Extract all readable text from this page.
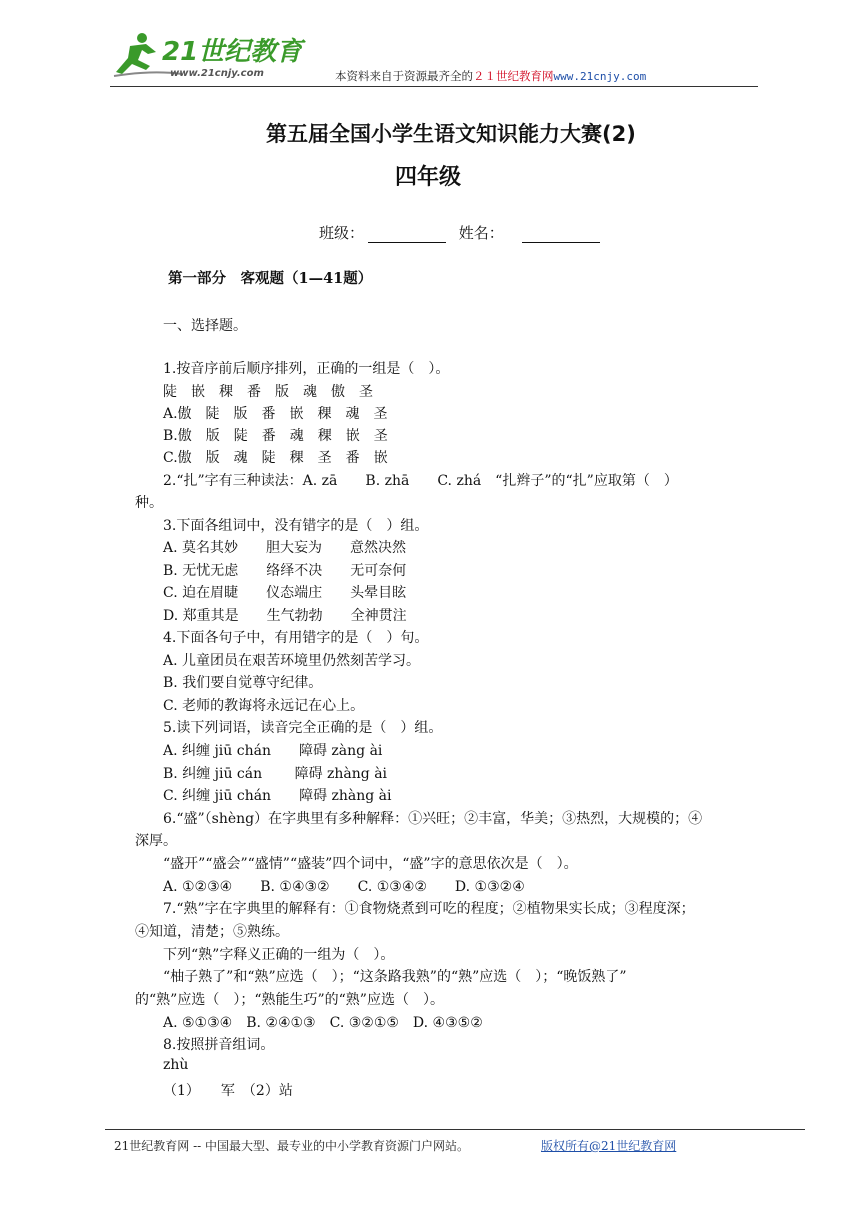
21世纪教育
www.21cnjy.com	本资料来自于资源最齐全的２１世纪教育网www.21cnjy.com
第五届全国小学生语文知识能力大赛(2)
四年级
班级：	姓名：
第一部分　客观题（1—41题）
一、选择题。
1.按音序前后顺序排列，正确的一组是（　）。
陡　嵌　稞　番　版　魂　傲　圣
A.傲　陡　版　番　嵌　稞　魂　圣
B.傲　版　陡　番　魂　稞　嵌　圣
C.傲　版　魂　陡　稞　圣　番　嵌
2.“扎”字有三种读法：A. zā　　B. zhā　　C. zhá　“扎辫子”的“扎”应取第（　）
种。
3.下面各组词中，没有错字的是（　）组。
A. 莫名其妙　　胆大妄为　　意然决然
B. 无忧无虑　　络绎不决　　无可奈何
C. 迫在眉睫　　仪态端庄　　头晕目眩
D. 郑重其是　　生气勃勃　　全神贯注
4.下面各句子中，有用错字的是（　）句。
A. 儿童团员在艰苦环境里仍然刻苦学习。
B. 我们要自觉尊守纪律。
C. 老师的教诲将永远记在心上。
5.读下列词语，读音完全正确的是（　）组。
A. 纠缠 jiū chán　　障碍 zàng ài
B. 纠缠 jiū cán　　 障碍 zhàng ài
C. 纠缠 jiū chán　　障碍 zhàng ài
6.“盛”（shèng）在字典里有多种解释：①兴旺；②丰富，华美；③热烈，大规模的；④
深厚。
“盛开”“盛会”“盛情”“盛装”四个词中，“盛”字的意思依次是（　）。
A. ①②③④　　B. ①④③②　　C. ①③④②　　D. ①③②④
7.“熟”字在字典里的解释有：①食物烧煮到可吃的程度；②植物果实长成；③程度深；
④知道，清楚；⑤熟练。
下列“熟”字释义正确的一组为（　）。
“柚子熟了”和“熟”应选（　）；“这条路我熟”的“熟”应选（　）；“晚饭熟了”
的“熟”应选（　）；“熟能生巧”的“熟”应选（　）。
A. ⑤①③④　B. ②④①③　C. ③②①⑤　D. ④③⑤②
8.按照拼音组词。
zhù
（1）　　军　（2）站
21世纪教育网 -- 中国最大型、最专业的中小学教育资源门户网站。	版权所有@21世纪教育网
